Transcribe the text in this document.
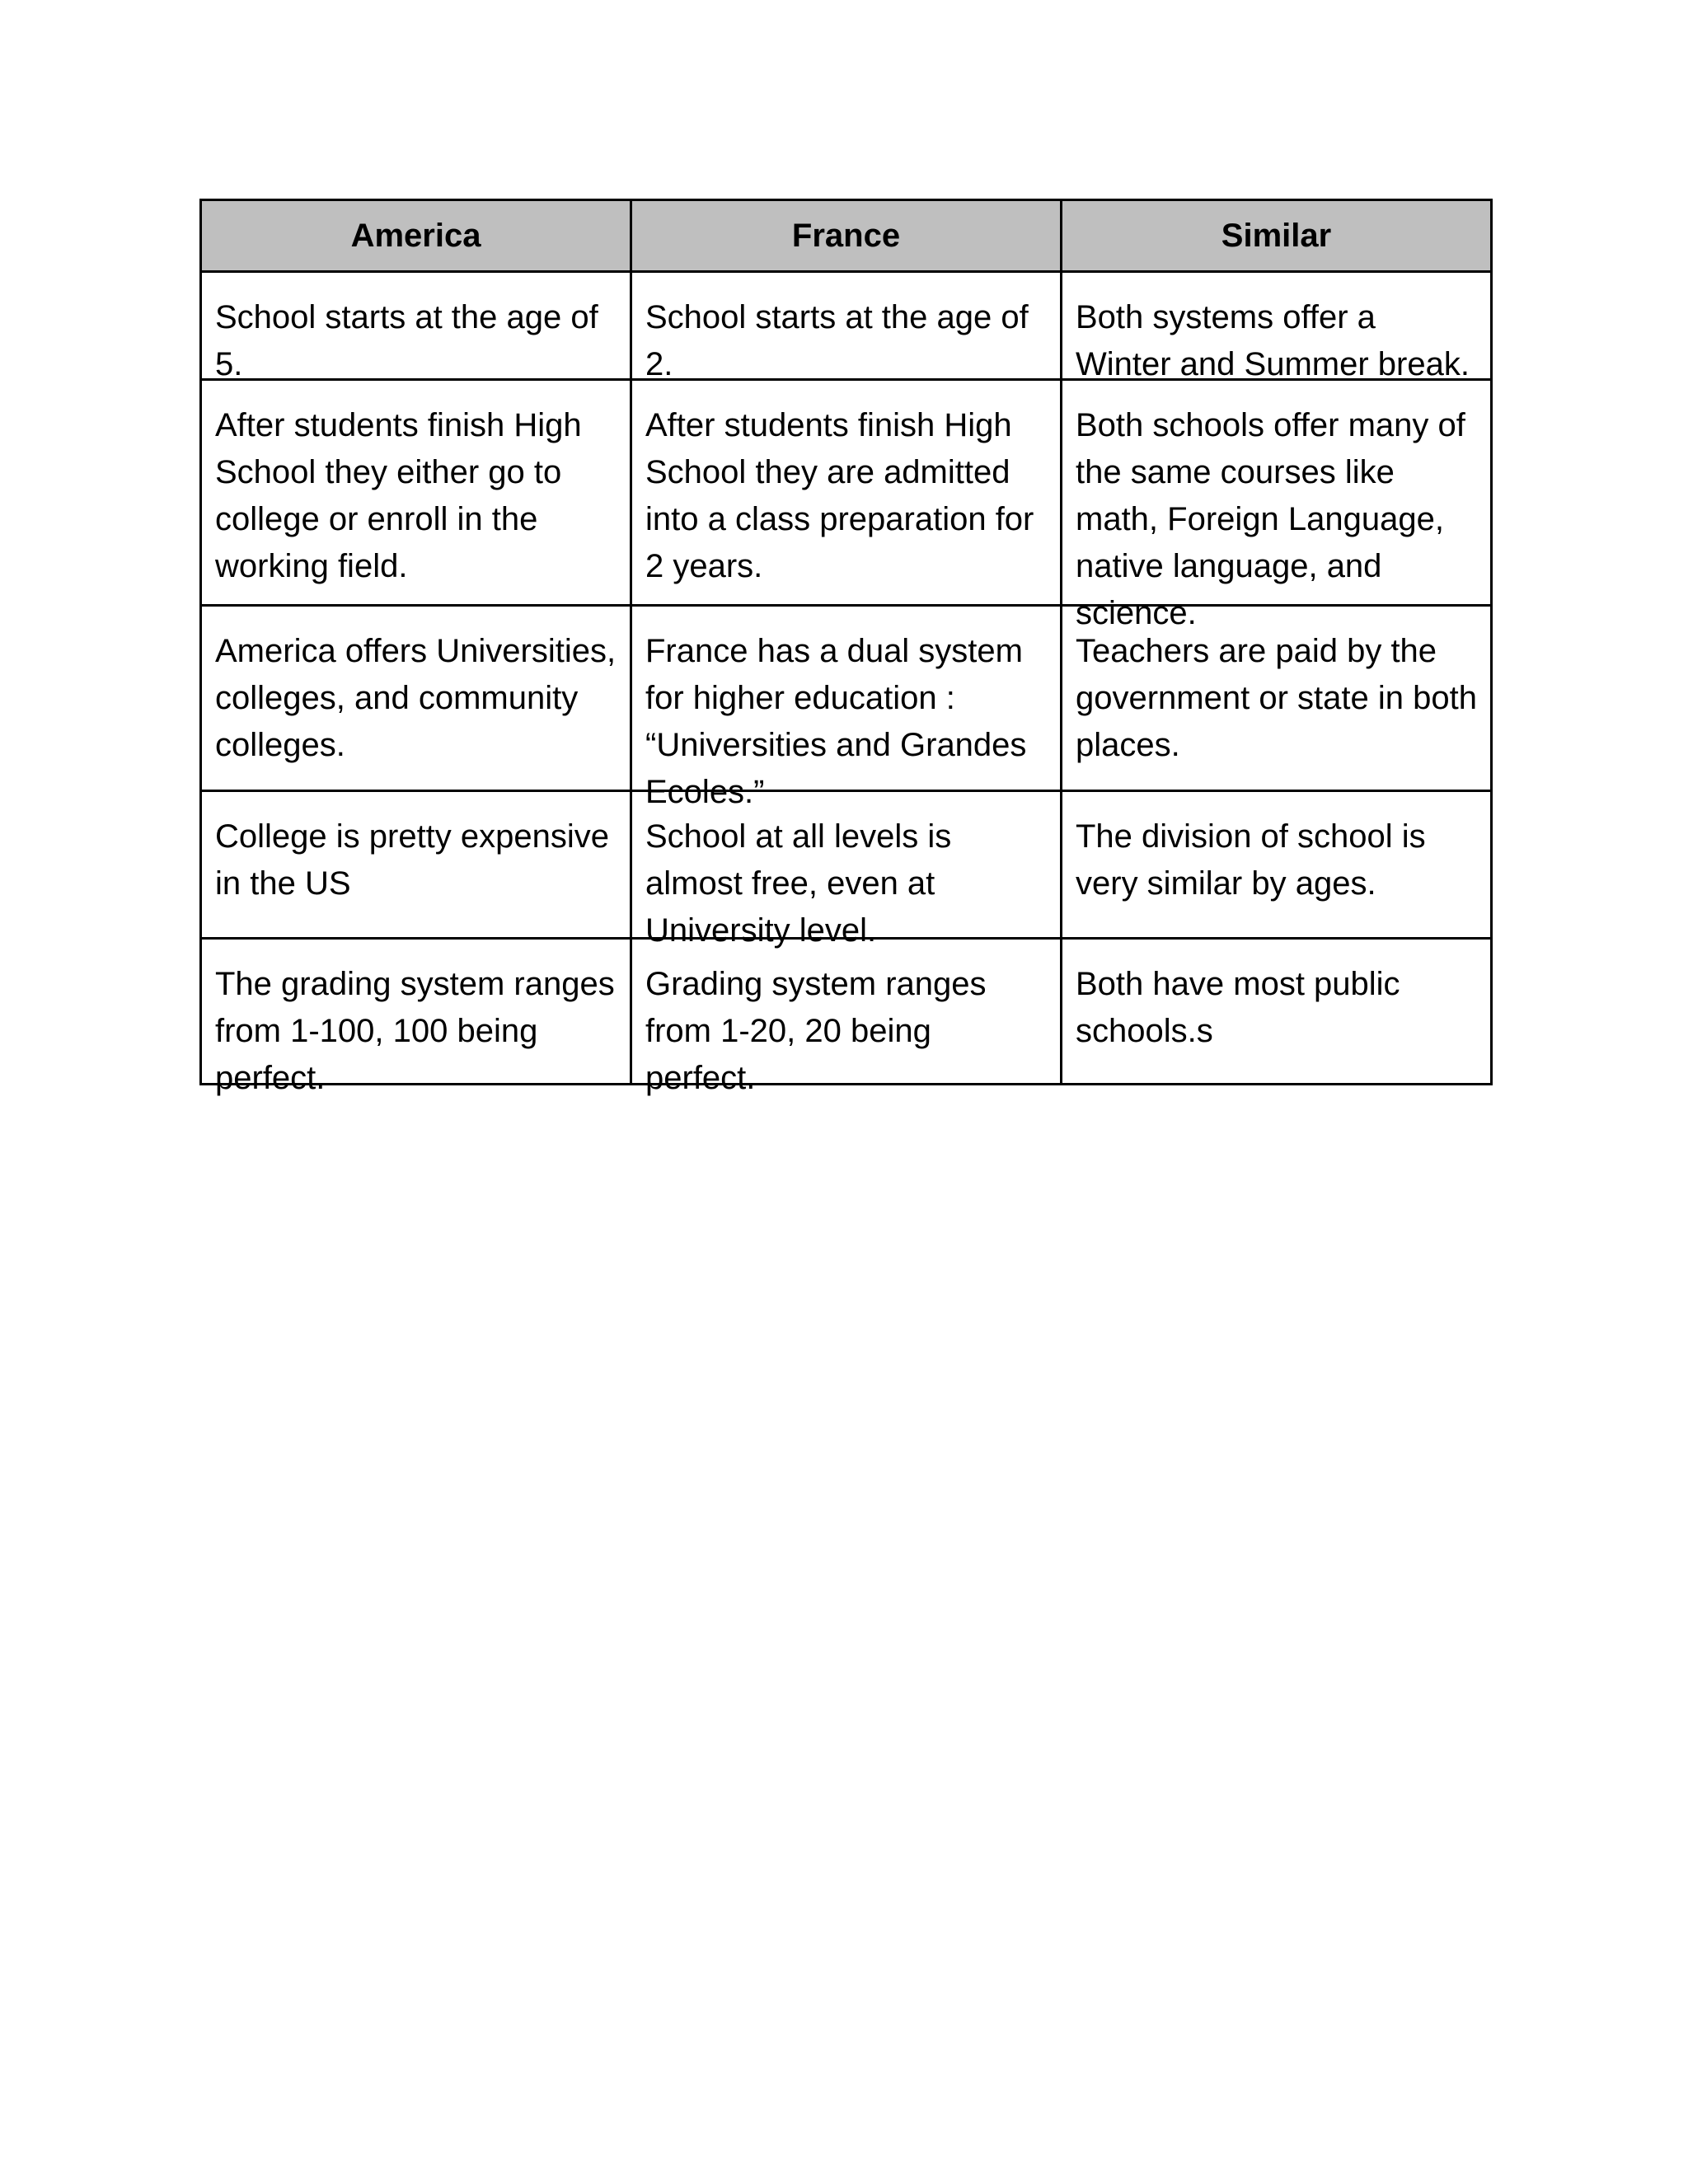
America	France	Similar

School starts at the age of 5.	School starts at the age of 2.	Both systems offer a Winter and Summer break.

After students finish High School they either go to college or enroll in the working field.	After students finish High School they are admitted into a class preparation for 2 years.	Both schools offer many of the same courses like math, Foreign Language, native language, and science.

America offers Universities, colleges, and community colleges.	France has a dual system for higher education : “Universities and Grandes Ecoles.”	Teachers are paid by the government or state in both places.

College is pretty expensive in the US	School at all levels is almost free, even at University level.	The division of school is very similar by ages.

The grading system ranges from 1-100, 100 being perfect.	Grading system ranges from 1-20, 20 being perfect.	Both have most public schools.s
